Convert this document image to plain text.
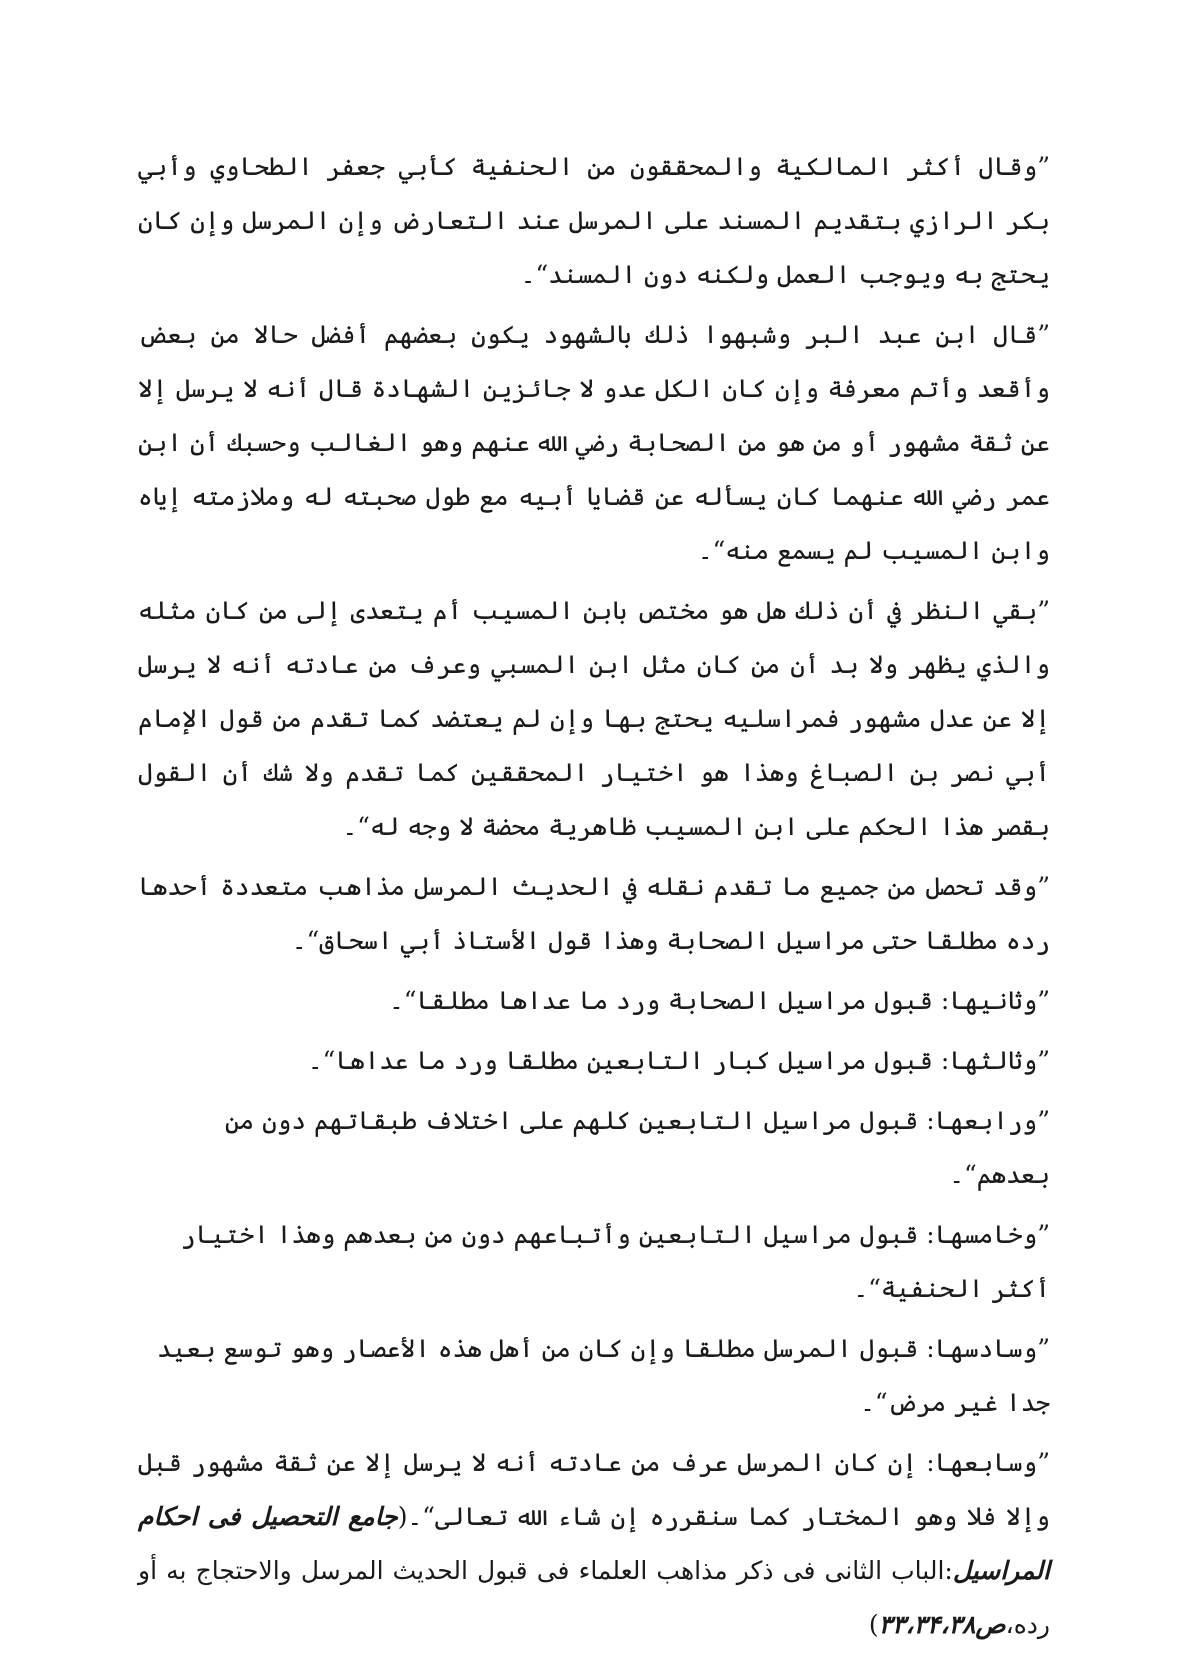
”وقال أكثر المالكية والمحققون من الحنفية كأبي جعفر الطحاوي وأبي بكر الرازي بتقديم المسند على المرسل عند التعارض وإن المرسل وإن كان يحتج به ويوجب العمل ولكنه دون المسند“۔

”قال ابن عبد البر وشبهوا ذلك بالشهود يكون بعضهم أفضل حالا من بعض وأقعد وأتم معرفة وإن كان الكل عدو لا جائزين الشهادة قال أنه لا يرسل إلا عن ثقة مشهور أو من هو من الصحابة رضي الله عنهم وهو الغالب وحسبك أن ابن عمر رضي الله عنهما كان يسأله عن قضايا أبيه مع طول صحبته له وملازمته إياه وابن المسيب لم يسمع منه“۔

”بقي النظر في أن ذلك هل هو مختص بابن المسيب أم يتعدى إلى من كان مثله والذي يظهر ولا بد أن من كان مثل ابن المسبي وعرف من عادته أنه لا يرسل إلا عن عدل مشهور فمراسليه يحتج بها وإن لم يعتضد كما تقدم من قول الإمام أبي نصر بن الصباغ وهذا هو اختيار المحققين كما تقدم ولا شك أن القول بقصر هذا الحكم على ابن المسيب ظاهرية محضة لا وجه له“۔

”وقد تحصل من جميع ما تقدم نقله في الحديث المرسل مذاهب متعددة أحدها رده مطلقا حتى مراسيل الصحابة وهذا قول الأستاذ أبي اسحاق“۔

”وثانيها: قبول مراسيل الصحابة ورد ما عداها مطلقا“۔

”وثالثها: قبول مراسيل كبار التابعين مطلقا ورد ما عداها“۔

”ورابعها: قبول مراسيل التابعين كلهم على اختلاف طبقاتهم دون من بعدهم“۔

”وخامسها: قبول مراسيل التابعين وأتباعهم دون من بعدهم وهذا اختيار أكثر الحنفية“۔

”وسادسها: قبول المرسل مطلقا وإن كان من أهل هذه الأعصار وهو توسع بعيد جدا غير مرض“۔

”وسابعها: إن كان المرسل عرف من عادته أنه لا يرسل إلا عن ثقة مشهور قبل وإلا فلا وهو المختار كما سنقرره إن شاء الله تعالى“۔(جامع التحصيل فی احکام المراسیل:الباب الثانی فی ذکر مذاهب العلماء فی قبول الحديث المرسل والاحتجاج به أو رده،ص۳۳،۳۴،۳۸)
